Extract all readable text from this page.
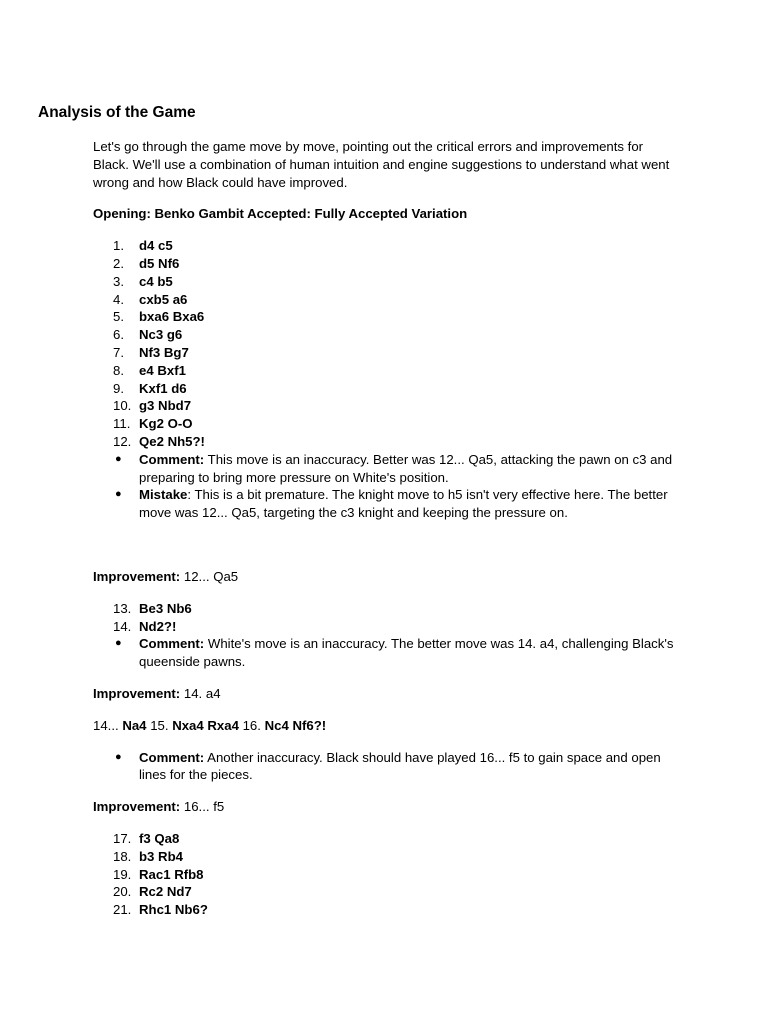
Analysis of the Game

Let's go through the game move by move, pointing out the critical errors and improvements for Black. We'll use a combination of human intuition and engine suggestions to understand what went wrong and how Black could have improved.

Opening: Benko Gambit Accepted: Fully Accepted Variation

1. d4 c5
2. d5 Nf6
3. c4 b5
4. cxb5 a6
5. bxa6 Bxa6
6. Nc3 g6
7. Nf3 Bg7
8. e4 Bxf1
9. Kxf1 d6
10. g3 Nbd7
11. Kg2 O-O
12. Qe2 Nh5?!
● Comment: This move is an inaccuracy. Better was 12... Qa5, attacking the pawn on c3 and preparing to bring more pressure on White's position.
● Mistake: This is a bit premature. The knight move to h5 isn't very effective here. The better move was 12... Qa5, targeting the c3 knight and keeping the pressure on.

Improvement: 12... Qa5

13. Be3 Nb6
14. Nd2?!
● Comment: White's move is an inaccuracy. The better move was 14. a4, challenging Black's queenside pawns.

Improvement: 14. a4

14... Na4 15. Nxa4 Rxa4 16. Nc4 Nf6?!

● Comment: Another inaccuracy. Black should have played 16... f5 to gain space and open lines for the pieces.

Improvement: 16... f5

17. f3 Qa8
18. b3 Rb4
19. Rac1 Rfb8
20. Rc2 Nd7
21. Rhc1 Nb6?
